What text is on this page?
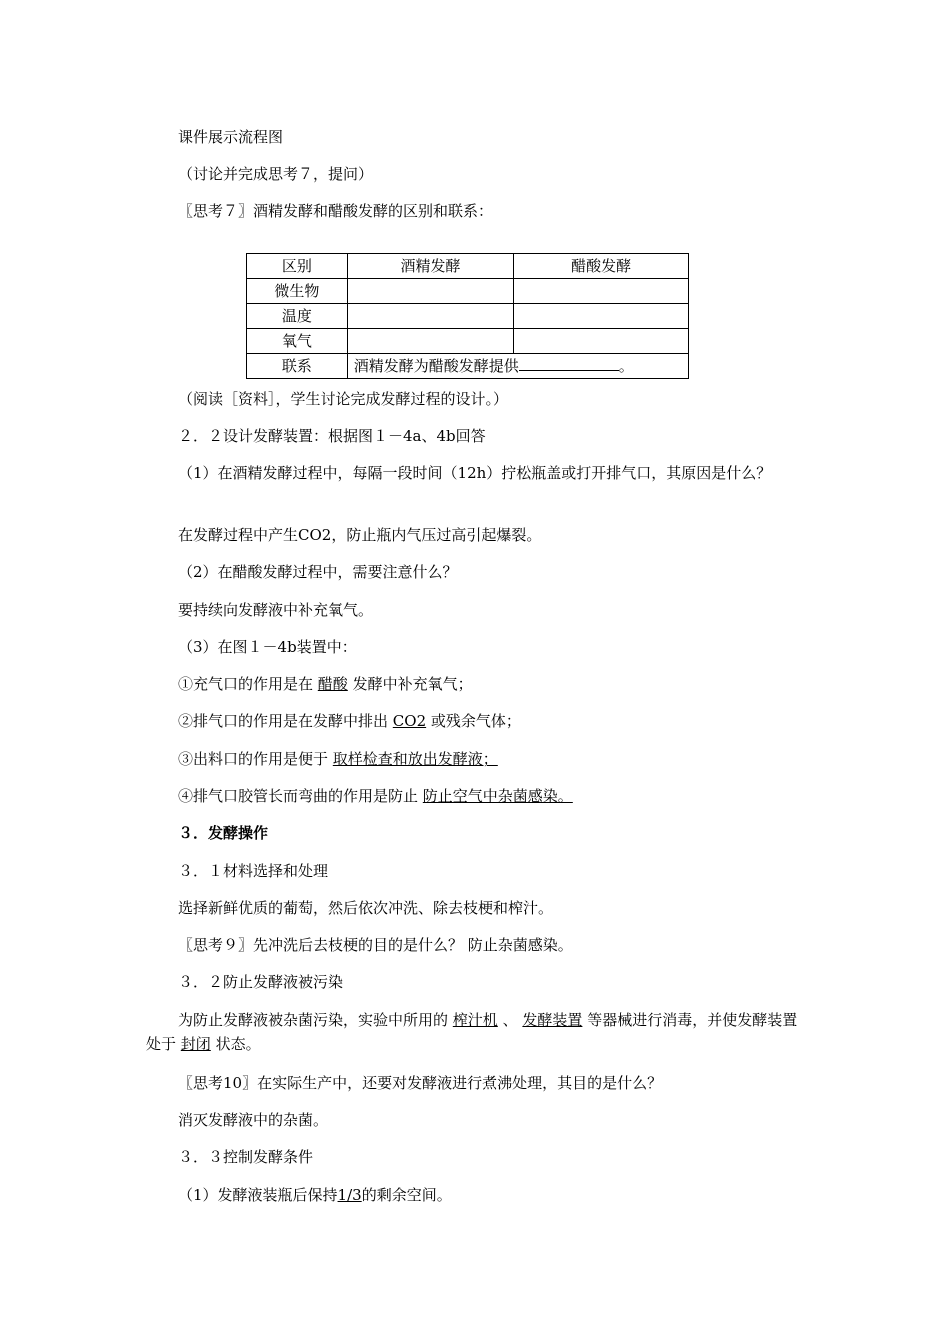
课件展示流程图
（讨论并完成思考７，提问）
〖思考７〗酒精发酵和醋酸发酵的区别和联系：
区别	酒精发酵	醋酸发酵
微生物		
温度		
氧气		
联系	酒精发酵为醋酸发酵提供 。	
（阅读［资料］，学生讨论完成发酵过程的设计。）
２．２设计发酵装置：根据图１－4a、4b回答
（1）在酒精发酵过程中，每隔一段时间（12h）拧松瓶盖或打开排气口，其原因是什么？
在发酵过程中产生CO2，防止瓶内气压过高引起爆裂。
（2）在醋酸发酵过程中，需要注意什么？
要持续向发酵液中补充氧气。
（3）在图１－4b装置中：
①充气口的作用是在 醋酸 发酵中补充氧气；
②排气口的作用是在发酵中排出 CO2 或残余气体；
③出料口的作用是便于 取样检查和放出发酵液；
④排气口胶管长而弯曲的作用是防止 防止空气中杂菌感染。
３．发酵操作
３．１材料选择和处理
选择新鲜优质的葡萄，然后依次冲洗、除去枝梗和榨汁。
〖思考９〗先冲洗后去枝梗的目的是什么？ 防止杂菌感染。
３．２防止发酵液被污染
为防止发酵液被杂菌污染，实验中所用的 榨汁机 、 发酵装置 等器械进行消毒，并使发酵装置处于 封闭 状态。
〖思考10〗在实际生产中，还要对发酵液进行煮沸处理，其目的是什么？
消灭发酵液中的杂菌。
３．３控制发酵条件
（1）发酵液装瓶后保持1/3的剩余空间。
